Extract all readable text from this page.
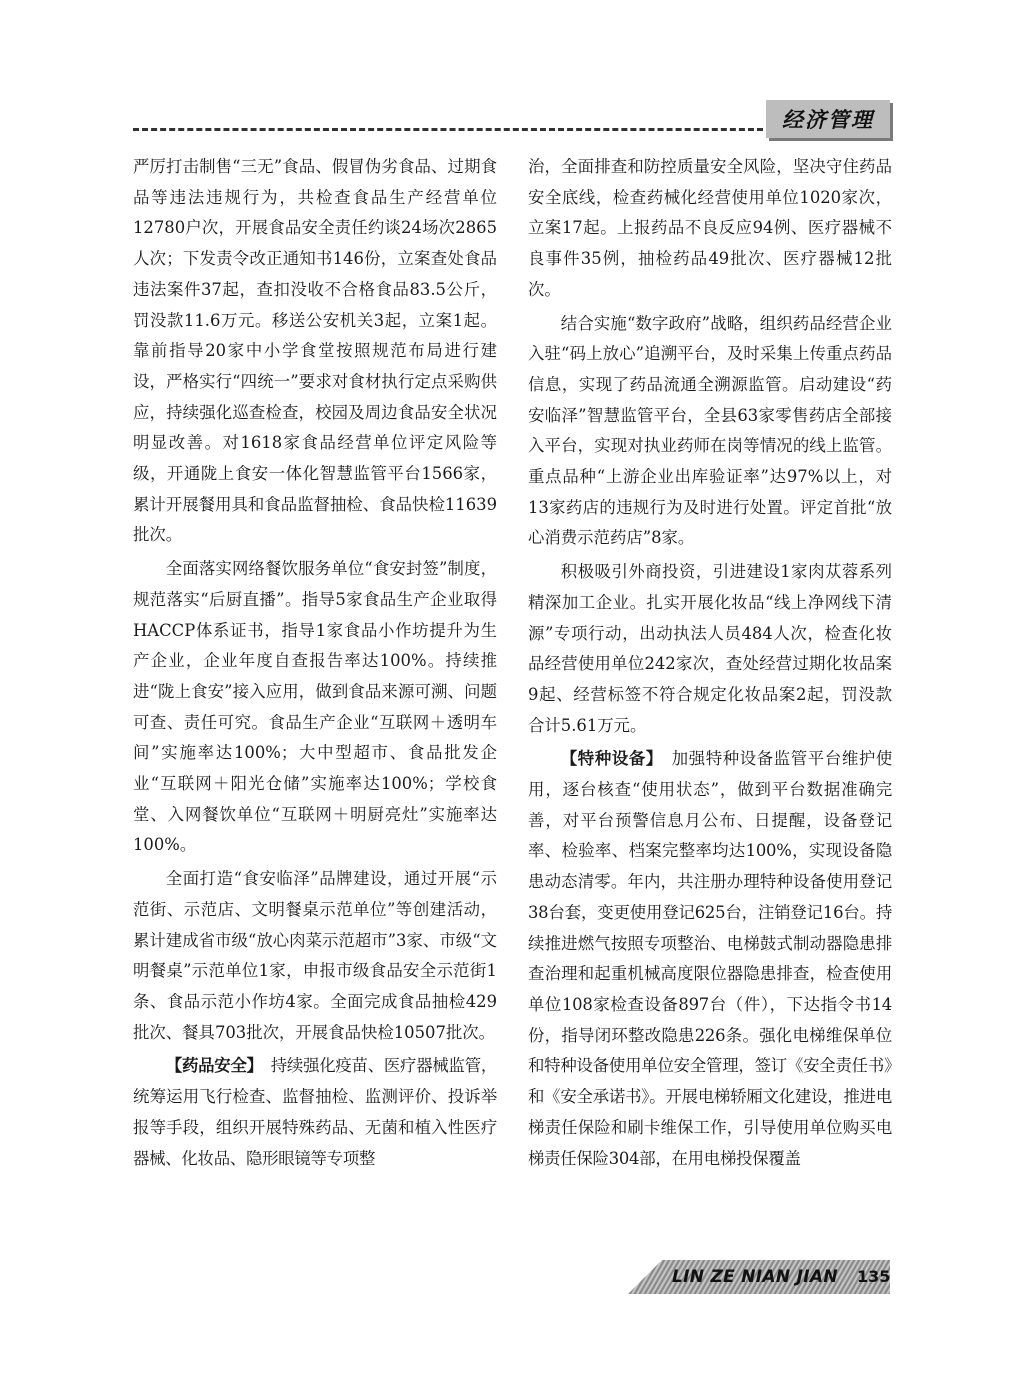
经济管理

严厉打击制售“三无”食品、假冒伪劣食品、过期食品等违法违规行为，共检查食品生产经营单位12780户次，开展食品安全责任约谈24场次2865人次；下发责令改正通知书146份，立案查处食品违法案件37起，查扣没收不合格食品83.5公斤，罚没款11.6万元。移送公安机关3起，立案1起。靠前指导20家中小学食堂按照规范布局进行建设，严格实行“四统一”要求对食材执行定点采购供应，持续强化巡查检查，校园及周边食品安全状况明显改善。对1618家食品经营单位评定风险等级，开通陇上食安一体化智慧监管平台1566家，累计开展餐用具和食品监督抽检、食品快检11639批次。

全面落实网络餐饮服务单位“食安封签”制度，规范落实“后厨直播”。指导5家食品生产企业取得HACCP体系证书，指导1家食品小作坊提升为生产企业，企业年度自查报告率达100%。持续推进“陇上食安”接入应用，做到食品来源可溯、问题可查、责任可究。食品生产企业“互联网＋透明车间”实施率达100%；大中型超市、食品批发企业“互联网＋阳光仓储”实施率达100%；学校食堂、入网餐饮单位“互联网＋明厨亮灶”实施率达100%。

全面打造“食安临泽”品牌建设，通过开展“示范街、示范店、文明餐桌示范单位”等创建活动，累计建成省市级“放心肉菜示范超市”3家、市级“文明餐桌”示范单位1家，申报市级食品安全示范街1条、食品示范小作坊4家。全面完成食品抽检429批次、餐具703批次，开展食品快检10507批次。

【药品安全】　持续强化疫苗、医疗器械监管，统筹运用飞行检查、监督抽检、监测评价、投诉举报等手段，组织开展特殊药品、无菌和植入性医疗器械、化妆品、隐形眼镜等专项整

治，全面排查和防控质量安全风险，坚决守住药品安全底线，检查药械化经营使用单位1020家次，立案17起。上报药品不良反应94例、医疗器械不良事件35例，抽检药品49批次、医疗器械12批次。

结合实施“数字政府”战略，组织药品经营企业入驻“码上放心”追溯平台，及时采集上传重点药品信息，实现了药品流通全溯源监管。启动建设“药安临泽”智慧监管平台，全县63家零售药店全部接入平台，实现对执业药师在岗等情况的线上监管。重点品种“上游企业出库验证率”达97%以上，对13家药店的违规行为及时进行处置。评定首批“放心消费示范药店”8家。

积极吸引外商投资，引进建设1家肉苁蓉系列精深加工企业。扎实开展化妆品“线上净网线下清源”专项行动，出动执法人员484人次，检查化妆品经营使用单位242家次，查处经营过期化妆品案9起、经营标签不符合规定化妆品案2起，罚没款合计5.61万元。

【特种设备】　加强特种设备监管平台维护使用，逐台核查“使用状态”，做到平台数据准确完善，对平台预警信息月公布、日提醒，设备登记率、检验率、档案完整率均达100%，实现设备隐患动态清零。年内，共注册办理特种设备使用登记38台套，变更使用登记625台，注销登记16台。持续推进燃气按照专项整治、电梯鼓式制动器隐患排查治理和起重机械高度限位器隐患排查，检查使用单位108家检查设备897台（件），下达指令书14份，指导闭环整改隐患226条。强化电梯维保单位和特种设备使用单位安全管理，签订《安全责任书》和《安全承诺书》。开展电梯轿厢文化建设，推进电梯责任保险和刷卡维保工作，引导使用单位购买电梯责任保险304部，在用电梯投保覆盖

LIN ZE NIAN JIAN 135
